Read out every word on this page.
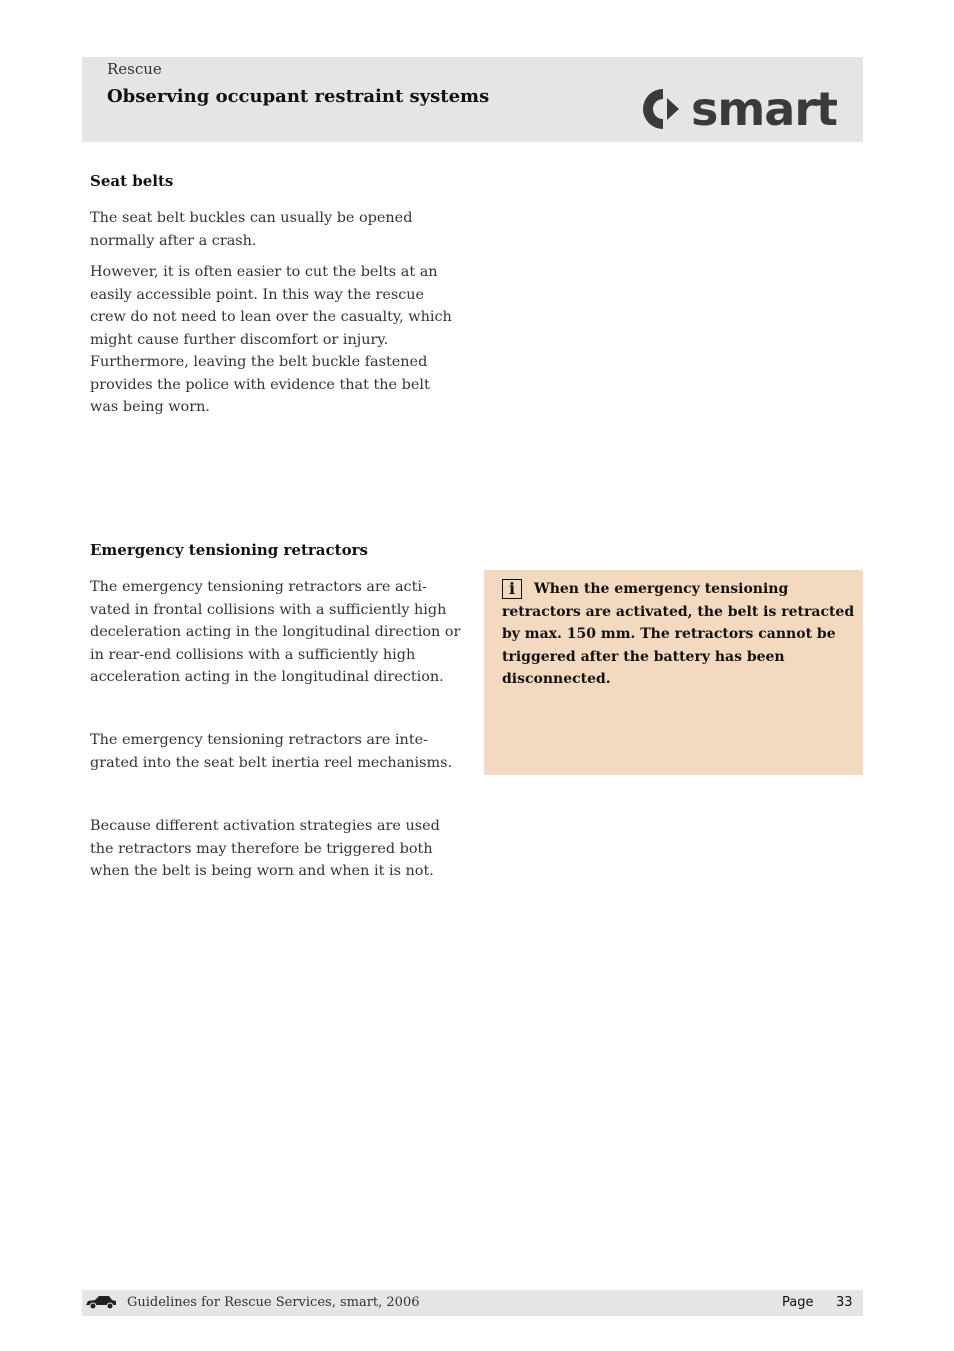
Rescue
Observing occupant restraint systems	smart
Seat belts

The seat belt buckles can usually be opened normally after a crash.

However, it is often easier to cut the belts at an easily accessible point. In this way the rescue crew do not need to lean over the casualty, which might cause further discomfort or injury. Furthermore, leaving the belt buckle fastened provides the police with evidence that the belt was being worn.

Emergency tensioning retractors

The emergency tensioning retractors are acti-vated in frontal collisions with a sufficiently high deceleration acting in the longitudinal direction or in rear-end collisions with a sufficiently high acceleration acting in the longitudinal direction.

The emergency tensioning retractors are inte-grated into the seat belt inertia reel mechanisms.

Because different activation strategies are used the retractors may therefore be triggered both when the belt is being worn and when it is not.

i When the emergency tensioning retractors are activated, the belt is retracted by max. 150 mm. The retractors cannot be triggered after the battery has been disconnected.
Guidelines for Rescue Services, smart, 2006	Page 33
